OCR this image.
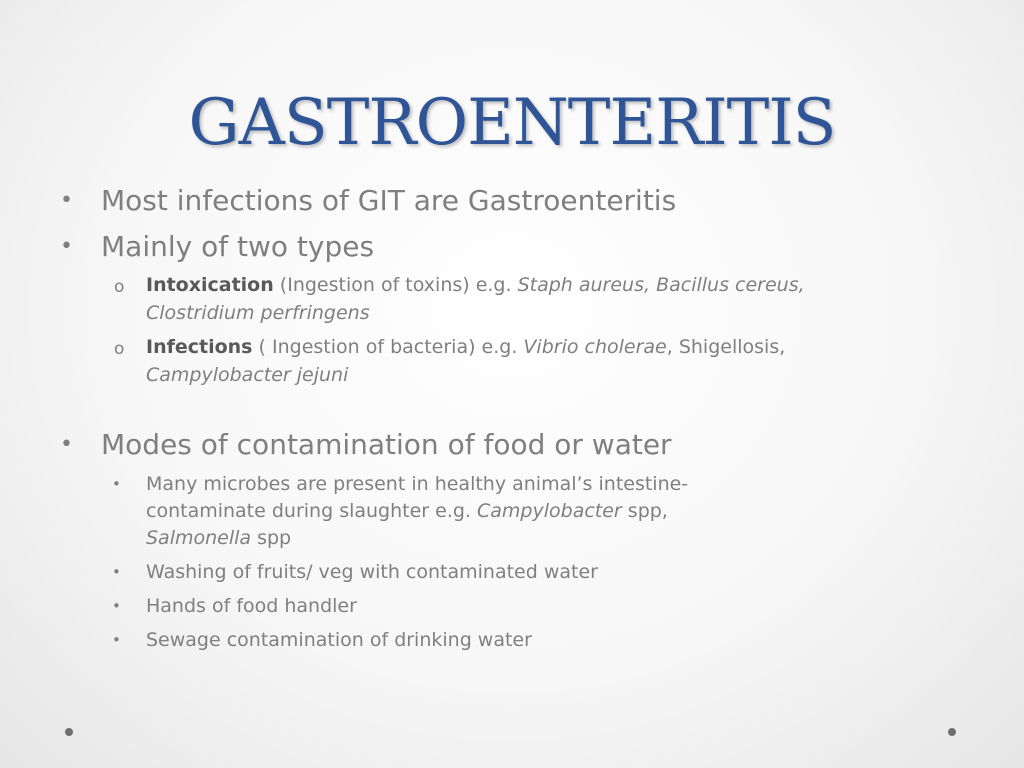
GASTROENTERITIS
• Most infections of GIT are Gastroenteritis
• Mainly of two types
o Intoxication (Ingestion of toxins) e.g. Staph aureus, Bacillus cereus,
Clostridium perfringens
o Infections ( Ingestion of bacteria) e.g. Vibrio cholerae, Shigellosis,
Campylobacter jejuni
• Modes of contamination of food or water
• Many microbes are present in healthy animal’s intestine-
contaminate during slaughter e.g. Campylobacter spp,
Salmonella spp
• Washing of fruits/ veg with contaminated water
• Hands of food handler
• Sewage contamination of drinking water
